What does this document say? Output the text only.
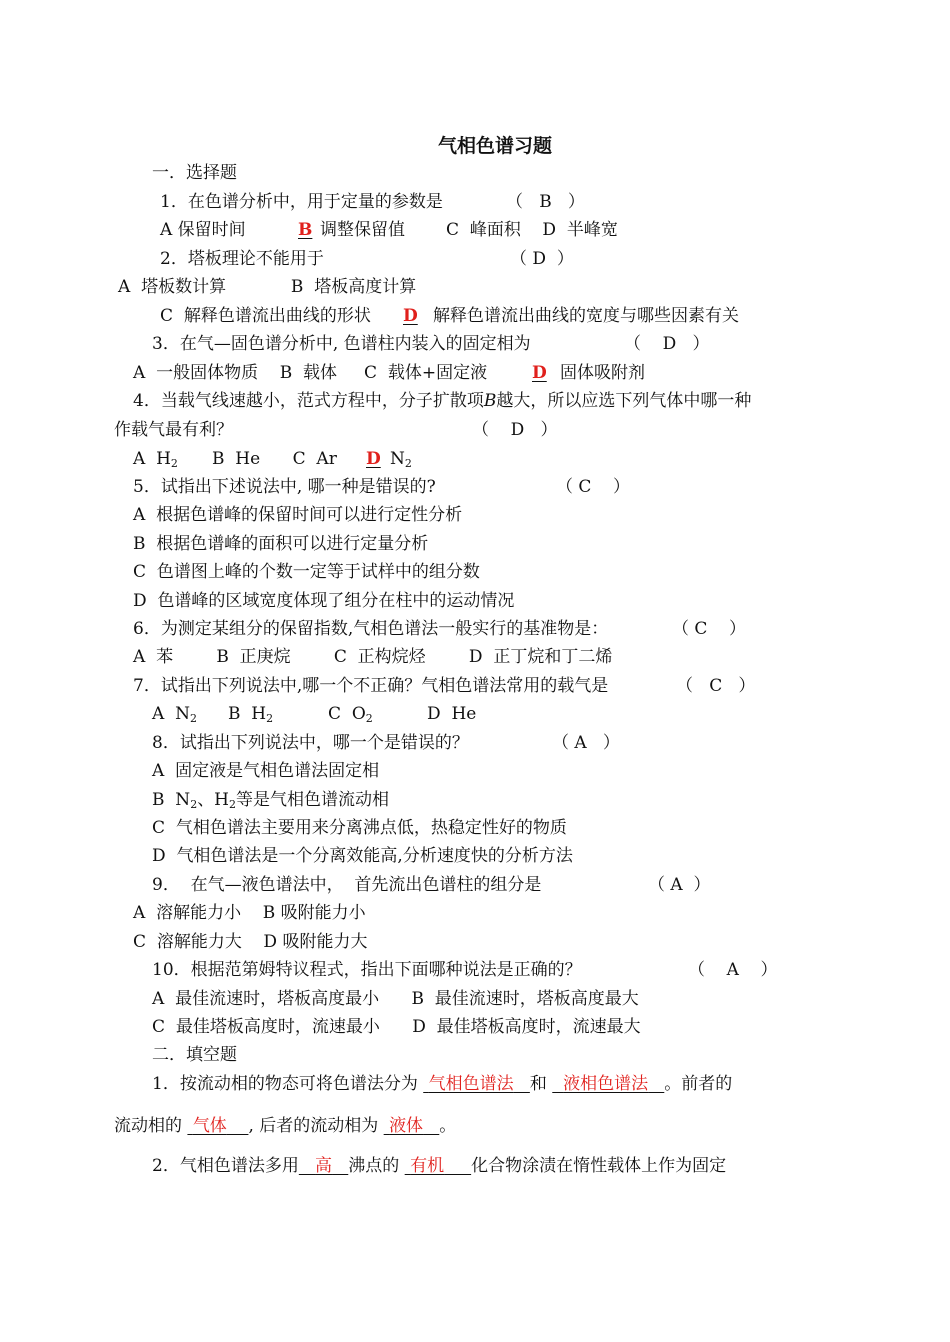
气相色谱习题
一．选择题
1．在色谱分析中，用于定量的参数是	（   B   ）
A 保留时间	B 调整保留值 C  峰面积    D  半峰宽
2．塔板理论不能用于	（ D  ）
A  塔板数计算            B  塔板高度计算
C  解释色谱流出曲线的形状 D 解释色谱流出曲线的宽度与哪些因素有关
3．在气—固色谱分析中, 色谱柱内装入的固定相为	（    D   ）
A  一般固体物质    B  载体     C  载体+固定液	D 固体吸附剂
4．当载气线速越小，范式方程中，分子扩散项B越大，所以应选下列气体中哪一种
作载气最有利？	（    D   ）
A  $H_2$ B  He      C  Ar D $N_2$
5．试指出下述说法中, 哪一种是错误的?	（ C    ）
A  根据色谱峰的保留时间可以进行定性分析
B  根据色谱峰的面积可以进行定量分析
C  色谱图上峰的个数一定等于试样中的组分数
D  色谱峰的区域宽度体现了组分在柱中的运动情况
6．为测定某组分的保留指数,气相色谱法一般实行的基准物是：	（ C    ）
A  苯        B  正庚烷        C  正构烷烃        D  正丁烷和丁二烯
7．试指出下列说法中,哪一个不正确？气相色谱法常用的载气是	（   C   ）
A  $N_2$ B  $H_2$	C  $O_2$	D  He
8．试指出下列说法中，哪一个是错误的？	（ A   ）
A  固定液是气相色谱法固定相
B  $N_2$、$H_2$等是气相色谱流动相
C  气相色谱法主要用来分离沸点低，热稳定性好的物质
D  气相色谱法是一个分离效能高,分析速度快的分析方法
9．  在气—液色谱法中，  首先流出色谱柱的组分是	（ A  ）
A  溶解能力小    B 吸附能力小
C  溶解能力大    D 吸附能力大
10．根据范第姆特议程式，指出下面哪种说法是正确的？	（    A    ）
A  最佳流速时，塔板高度最小      B  最佳流速时，塔板高度最大
C  最佳塔板高度时，流速最小      D  最佳塔板高度时，流速最大
二．填空题
1．按流动相的物态可将色谱法分为 气相色谱法 和 液相色谱法 。前者的
流动相的 气体 , 后者的流动相为 液体 。
2．气相色谱法多用 高 沸点的 有机 化合物涂渍在惰性载体上作为固定
